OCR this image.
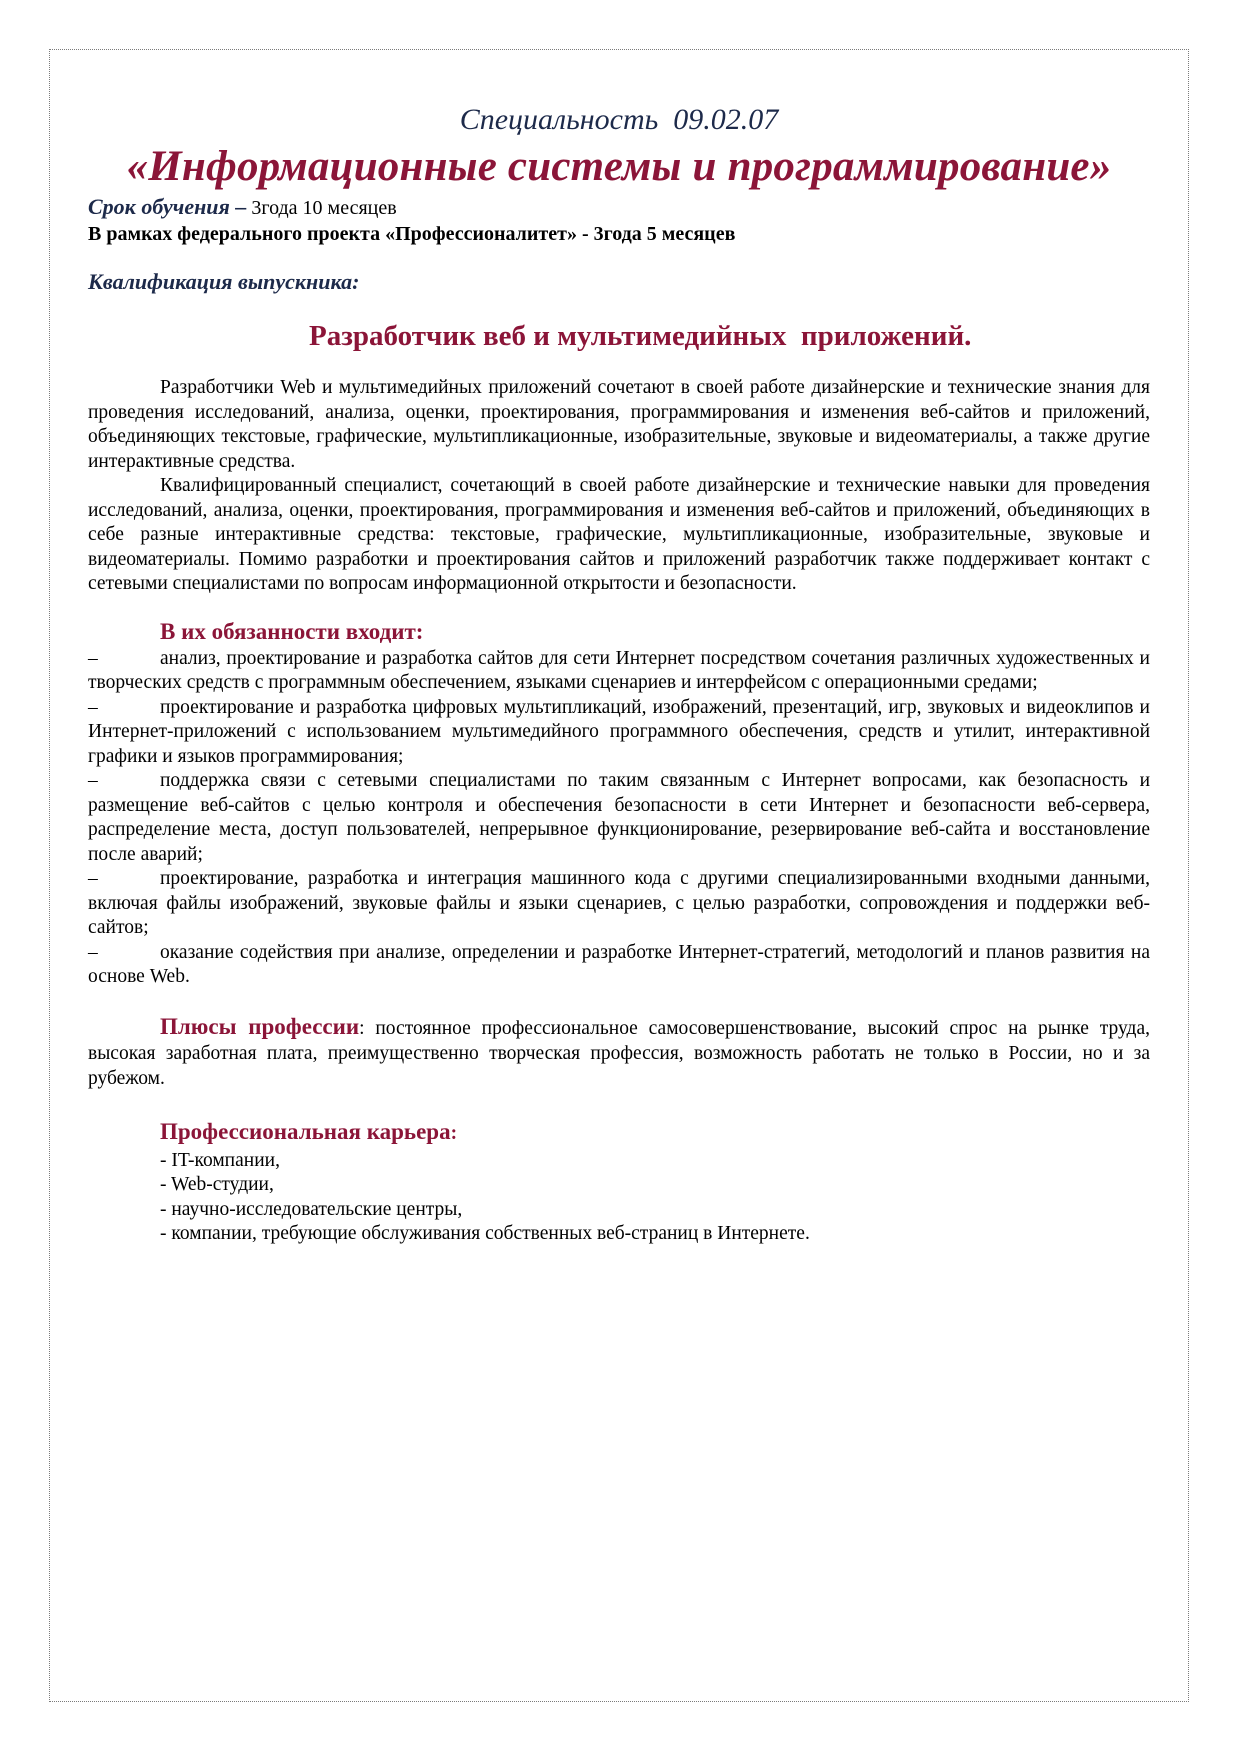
Специальность  09.02.07
«Информационные системы и программирование»
Срок обучения – 3года 10 месяцев
В рамках федерального проекта «Профессионалитет» - 3года 5 месяцев
Квалификация выпускника:
Разработчик веб и мультимедийных  приложений.
Разработчики Web и мультимедийных приложений сочетают в своей работе дизайнерские и технические знания для проведения исследований, анализа, оценки, проектирования, программирования и изменения веб-сайтов и приложений, объединяющих текстовые, графические, мультипликационные, изобразительные, звуковые и видеоматериалы, а также другие интерактивные средства.
Квалифицированный специалист, сочетающий в своей работе дизайнерские и технические навыки для проведения исследований, анализа, оценки, проектирования, программирования и изменения веб-сайтов и приложений, объединяющих в себе разные интерактивные средства: текстовые, графические, мультипликационные, изобразительные, звуковые и видеоматериалы. Помимо разработки и проектирования сайтов и приложений разработчик также поддерживает контакт с сетевыми специалистами по вопросам информационной открытости и безопасности.
В их обязанности входит:
–	анализ, проектирование и разработка сайтов для сети Интернет посредством сочетания различных художественных и творческих средств с программным обеспечением, языками сценариев и интерфейсом с операционными средами;
–	проектирование и разработка цифровых мультипликаций, изображений, презентаций, игр, звуковых и видеоклипов и Интернет-приложений с использованием мультимедийного программного обеспечения, средств и утилит, интерактивной графики и языков программирования;
–	поддержка связи с сетевыми специалистами по таким связанным с Интернет вопросами, как безопасность и размещение веб-сайтов с целью контроля и обеспечения безопасности в сети Интернет и безопасности веб-сервера, распределение места, доступ пользователей, непрерывное функционирование, резервирование веб-сайта и восстановление после аварий;
–	проектирование, разработка и интеграция машинного кода с другими специализированными входными данными, включая файлы изображений, звуковые файлы и языки сценариев, с целью разработки, сопровождения и поддержки веб-сайтов;
–	оказание содействия при анализе, определении и разработке Интернет-стратегий, методологий и планов развития на основе Web.
Плюсы профессии: постоянное профессиональное самосовершенствование, высокий спрос на рынке труда, высокая заработная плата, преимущественно творческая профессия, возможность работать не только в России, но и за рубежом.
Профессиональная карьера:
- IT-компании,
- Web-студии,
- научно-исследовательские центры,
- компании, требующие обслуживания собственных веб-страниц в Интернете.
